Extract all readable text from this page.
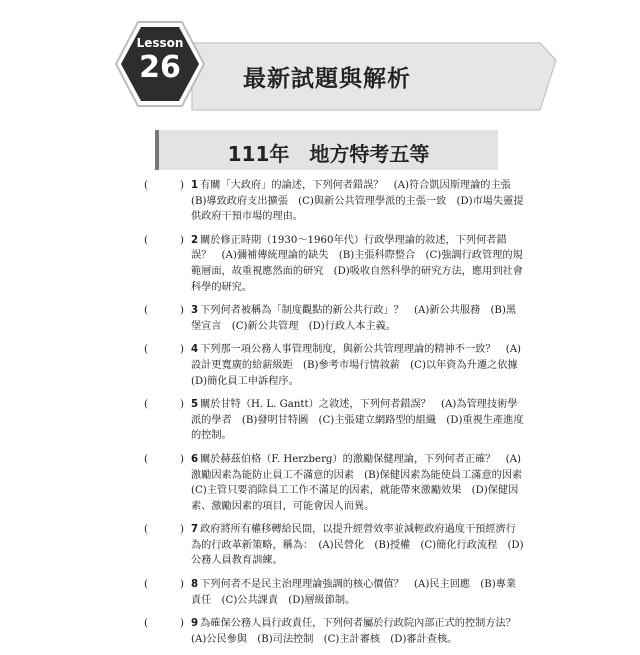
Lesson
26	最新試題與解析
111年　地方特考五等
(	) 1 有關「大政府」的論述，下列何者錯誤？　(A)符合凱因斯理論的主張　(B)導致政府支出擴張　(C)與新公共管理學派的主張一致　(D)市場失靈提供政府干預市場的理由。
(	) 2 關於修正時期（1930～1960年代）行政學理論的敘述，下列何者錯誤？　(A)彌補傳統理論的缺失　(B)主張科際整合　(C)強調行政管理的規範層面，故重視應然面的研究　(D)吸收自然科學的研究方法，應用到社會科學的研究。
(	) 3 下列何者被稱為「制度觀點的新公共行政」？　(A)新公共服務　(B)黑堡宣言　(C)新公共管理　(D)行政人本主義。
(	) 4 下列那一項公務人事管理制度，與新公共管理理論的精神不一致？　(A)設計更寬廣的給薪級距　(B)參考市場行情敘薪　(C)以年資為升遷之依據　(D)簡化員工申訴程序。
(	) 5 關於甘特（H. L. Gantt）之敘述，下列何者錯誤？　(A)為管理技術學派的學者　(B)發明甘特圖　(C)主張建立網路型的組織　(D)重視生產進度的控制。
(	) 6 關於赫茲伯格（F. Herzberg）的激勵保健理論，下列何者正確？　(A)激勵因素為能防止員工不滿意的因素　(B)保健因素為能使員工滿意的因素　(C)主管只要消除員工工作不滿足的因素，就能帶來激勵效果　(D)保健因素、激勵因素的項目，可能會因人而異。
(	) 7 政府將所有權移轉給民間，以提升經營效率並減輕政府過度干預經濟行為的行政革新策略，稱為：　(A)民營化　(B)授權　(C)簡化行政流程　(D)公務人員教育訓練。
(	) 8 下列何者不是民主治理理論強調的核心價值？　(A)民主回應　(B)專業責任　(C)公共課責　(D)層級節制。
(	) 9 為確保公務人員行政責任，下列何者屬於行政院內部正式的控制方法？　(A)公民參與　(B)司法控制　(C)主計審核　(D)審計查核。
